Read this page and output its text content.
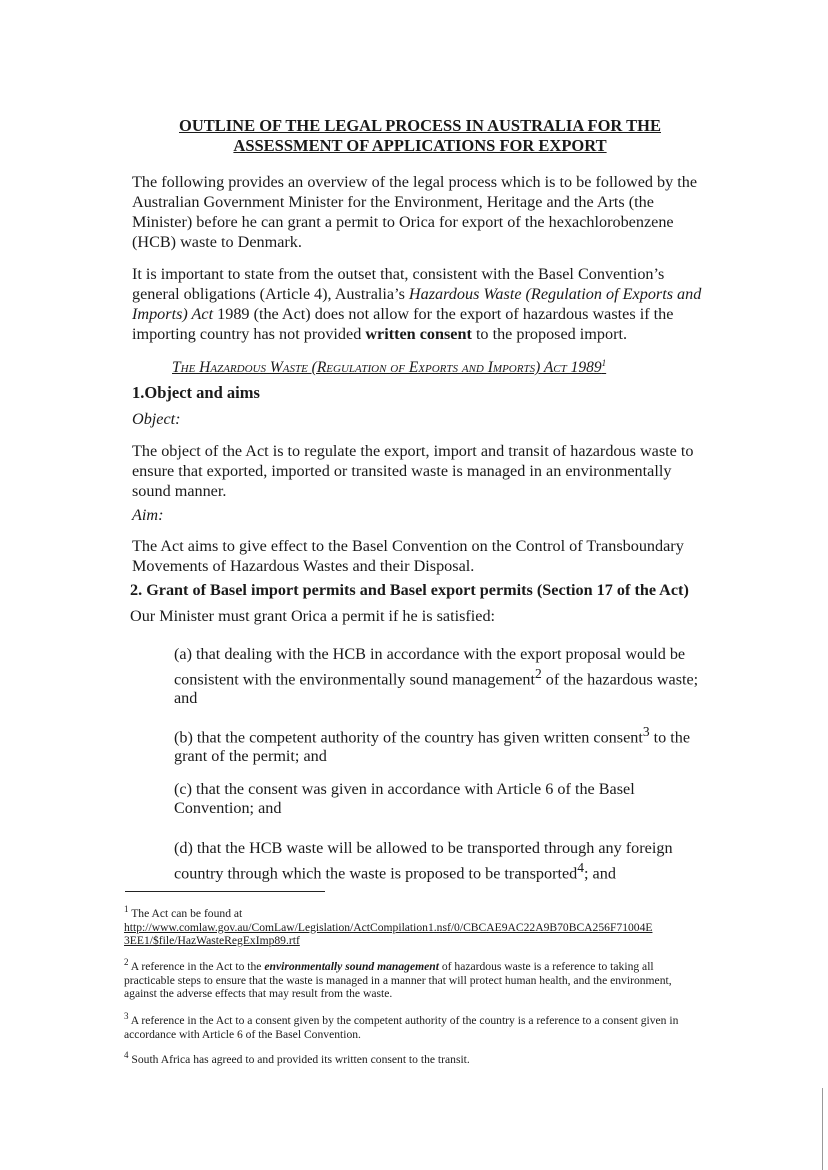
OUTLINE OF THE LEGAL PROCESS IN AUSTRALIA FOR THE
ASSESSMENT OF APPLICATIONS FOR EXPORT
The following provides an overview of the legal process which is to be followed by the Australian Government Minister for the Environment, Heritage and the Arts (the Minister) before he can grant a permit to Orica for export of the hexachlorobenzene (HCB) waste to Denmark.
It is important to state from the outset that, consistent with the Basel Convention’s general obligations (Article 4), Australia’s Hazardous Waste (Regulation of Exports and Imports) Act 1989 (the Act) does not allow for the export of hazardous wastes if the importing country has not provided written consent to the proposed import.
The Hazardous Waste (Regulation of Exports and Imports) Act 1989$^1$
1.Object and aims
Object:
The object of the Act is to regulate the export, import and transit of hazardous waste to ensure that exported, imported or transited waste is managed in an environmentally sound manner.
Aim:
The Act aims to give effect to the Basel Convention on the Control of Transboundary Movements of Hazardous Wastes and their Disposal.
2. Grant of Basel import permits and Basel export permits (Section 17 of the Act)
Our Minister must grant Orica a permit if he is satisfied:
(a) that dealing with the HCB in accordance with the export proposal would be consistent with the environmentally sound management$^2$ of the hazardous waste; and
(b) that the competent authority of the country has given written consent$^3$ to the grant of the permit; and
(c) that the consent was given in accordance with Article 6 of the Basel Convention; and
(d) that the HCB waste will be allowed to be transported through any foreign country through which the waste is proposed to be transported$^4$; and
$^1$ The Act can be found at
http://www.comlaw.gov.au/ComLaw/Legislation/ActCompilation1.nsf/0/CBCAE9AC22A9B70BCA256F71004E
3EE1/$file/HazWasteRegExImp89.rtf
$^2$ A reference in the Act to the environmentally sound management of hazardous waste is a reference to taking all practicable steps to ensure that the waste is managed in a manner that will protect human health, and the environment, against the adverse effects that may result from the waste.
$^3$ A reference in the Act to a consent given by the competent authority of the country is a reference to a consent given in accordance with Article 6 of the Basel Convention.
$^4$ South Africa has agreed to and provided its written consent to the transit.
